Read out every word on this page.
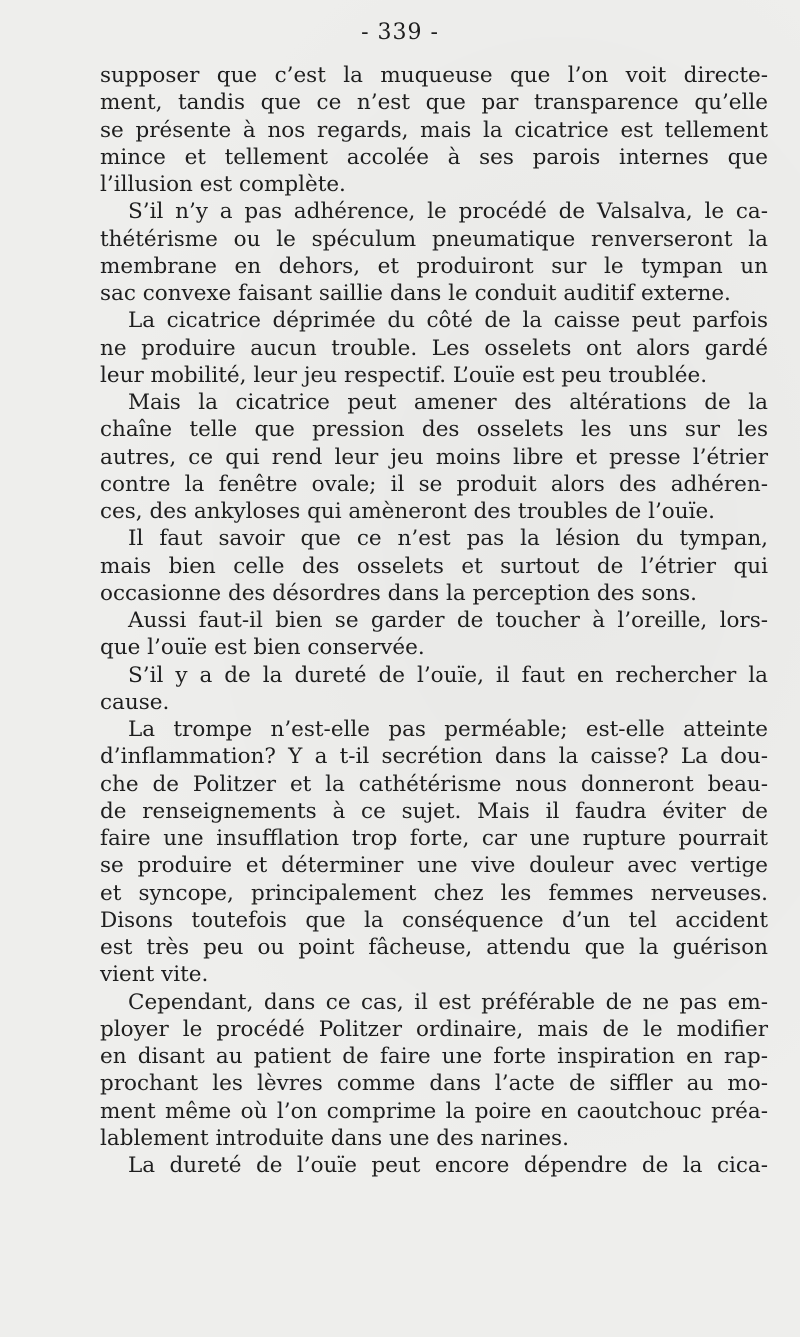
- 339 -
supposer que c’est la muqueuse que l’on voit directe-
ment, tandis que ce n’est que par transparence qu’elle
se présente à nos regards, mais la cicatrice est tellement
mince et tellement accolée à ses parois internes que
l’illusion est complète.
S’il n’y a pas adhérence, le procédé de Valsalva, le ca-
thétérisme ou le spéculum pneumatique renverseront la
membrane en dehors, et produiront sur le tympan un
sac convexe faisant saillie dans le conduit auditif externe.
La cicatrice déprimée du côté de la caisse peut parfois
ne produire aucun trouble. Les osselets ont alors gardé
leur mobilité, leur jeu respectif. L’ouïe est peu troublée.
Mais la cicatrice peut amener des altérations de la
chaîne telle que pression des osselets les uns sur les
autres, ce qui rend leur jeu moins libre et presse l’étrier
contre la fenêtre ovale; il se produit alors des adhéren-
ces, des ankyloses qui amèneront des troubles de l’ouïe.
Il faut savoir que ce n’est pas la lésion du tympan,
mais bien celle des osselets et surtout de l’étrier qui
occasionne des désordres dans la perception des sons.
Aussi faut-il bien se garder de toucher à l’oreille, lors-
que l’ouïe est bien conservée.
S’il y a de la dureté de l’ouïe, il faut en rechercher la
cause.
La trompe n’est-elle pas perméable; est-elle atteinte
d’inflammation? Y a t-il secrétion dans la caisse? La dou-
che de Politzer et la cathétérisme nous donneront beau-
de renseignements à ce sujet. Mais il faudra éviter de
faire une insufflation trop forte, car une rupture pourrait
se produire et déterminer une vive douleur avec vertige
et syncope, principalement chez les femmes nerveuses.
Disons toutefois que la conséquence d’un tel accident
est très peu ou point fâcheuse, attendu que la guérison
vient vite.
Cependant, dans ce cas, il est préférable de ne pas em-
ployer le procédé Politzer ordinaire, mais de le modifier
en disant au patient de faire une forte inspiration en rap-
prochant les lèvres comme dans l’acte de siffler au mo-
ment même où l’on comprime la poire en caoutchouc préa-
lablement introduite dans une des narines.
La dureté de l’ouïe peut encore dépendre de la cica-
